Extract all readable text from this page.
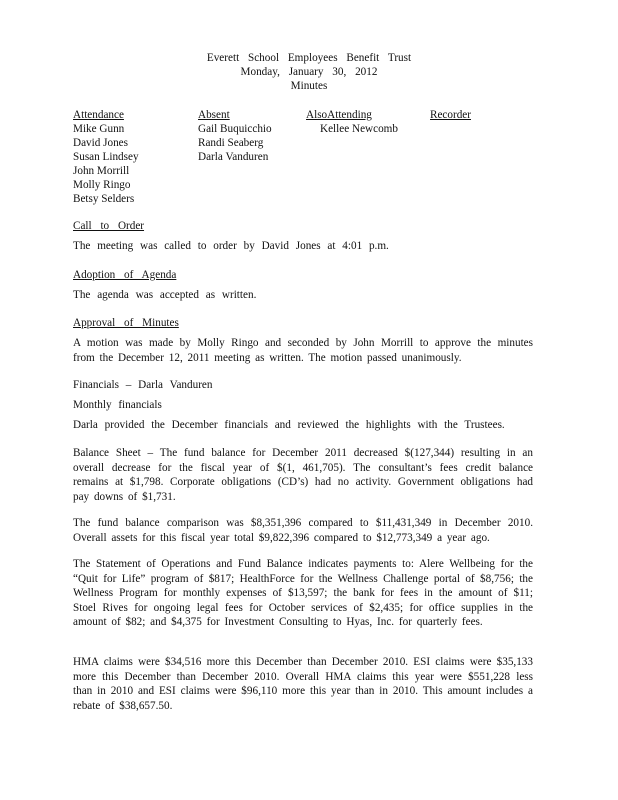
Everett School Employees Benefit Trust
Monday, January 30, 2012
Minutes
Attendance
Mike Gunn
David Jones
Susan Lindsey
John Morrill
Molly Ringo
Betsy Selders
Absent
Gail Buquicchio
Randi Seaberg
Darla Vanduren
AlsoAttending
Kellee Newcomb
Recorder
Call to Order
The meeting was called to order by David Jones at 4:01 p.m.
Adoption of Agenda
The agenda was accepted as written.
Approval of Minutes
A motion was made by Molly Ringo and seconded by John Morrill to approve the minutes from the December 12, 2011 meeting as written. The motion passed unanimously.
Financials – Darla Vanduren
Monthly financials
Darla provided the December financials and reviewed the highlights with the Trustees.
Balance Sheet – The fund balance for December 2011 decreased $(127,344) resulting in an overall decrease for the fiscal year of $(1, 461,705). The consultant’s fees credit balance remains at $1,798. Corporate obligations (CD’s) had no activity. Government obligations had pay downs of $1,731.
The fund balance comparison was $8,351,396 compared to $11,431,349 in December 2010. Overall assets for this fiscal year total $9,822,396 compared to $12,773,349 a year ago.
The Statement of Operations and Fund Balance indicates payments to: Alere Wellbeing for the “Quit for Life” program of $817; HealthForce for the Wellness Challenge portal of $8,756; the Wellness Program for monthly expenses of $13,597; the bank for fees in the amount of $11; Stoel Rives for ongoing legal fees for October services of $2,435; for office supplies in the amount of $82; and $4,375 for Investment Consulting to Hyas, Inc. for quarterly fees.
HMA claims were $34,516 more this December than December 2010. ESI claims were $35,133 more this December than December 2010. Overall HMA claims this year were $551,228 less than in 2010 and ESI claims were $96,110 more this year than in 2010. This amount includes a rebate of $38,657.50.
